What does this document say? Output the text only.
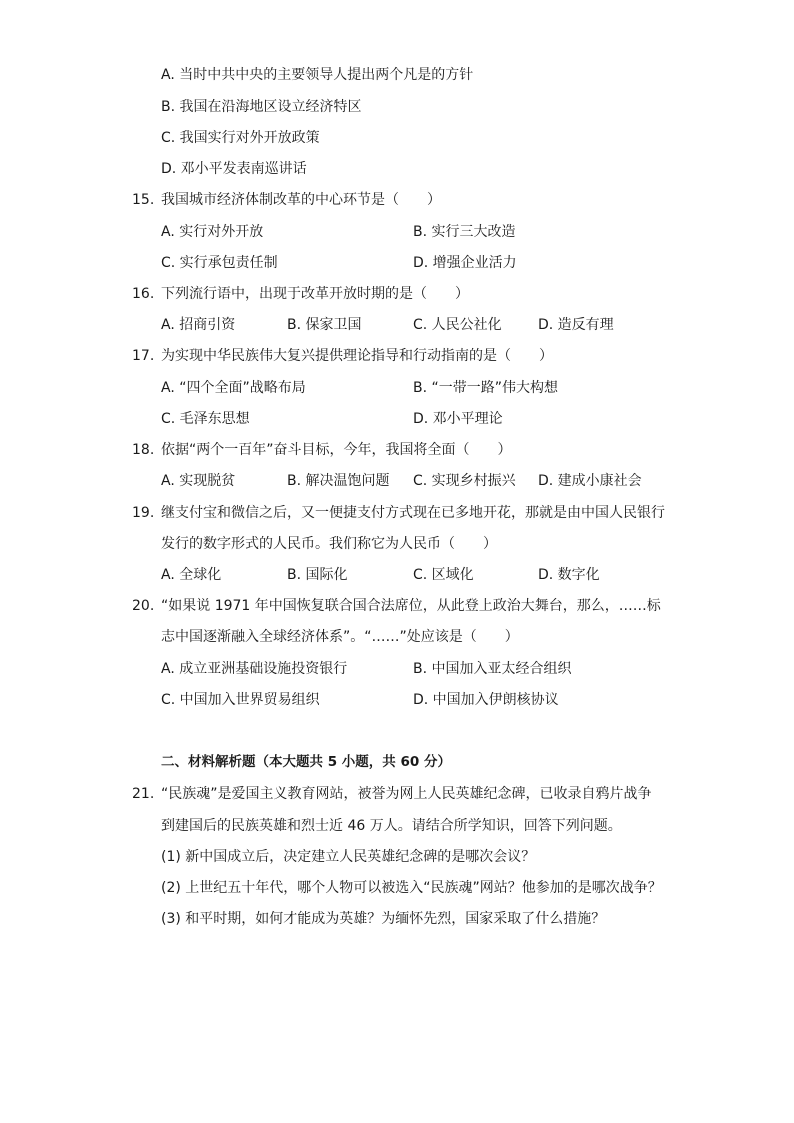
A. 当时中共中央的主要领导人提出两个凡是的方针
B. 我国在沿海地区设立经济特区
C. 我国实行对外开放政策
D. 邓小平发表南巡讲话
15. 我国城市经济体制改革的中心环节是（　　）
A. 实行对外开放	B. 实行三大改造
C. 实行承包责任制	D. 增强企业活力
16. 下列流行语中，出现于改革开放时期的是（　　）
A. 招商引资	B. 保家卫国	C. 人民公社化	D. 造反有理
17. 为实现中华民族伟大复兴提供理论指导和行动指南的是（　　）
A. “四个全面”战略布局	B. “一带一路”伟大构想
C. 毛泽东思想	D. 邓小平理论
18. 依据“两个一百年”奋斗目标，今年，我国将全面（　　）
A. 实现脱贫	B. 解决温饱问题 C. 实现乡村振兴 D. 建成小康社会
19. 继支付宝和微信之后，又一便捷支付方式现在已多地开花，那就是由中国人民银行
发行的数字形式的人民币。我们称它为人民币（　　）
A. 全球化	B. 国际化	C. 区域化	D. 数字化
20. “如果说 1971 年中国恢复联合国合法席位，从此登上政治大舞台，那么，……标
志中国逐渐融入全球经济体系”。“……”处应该是（　　）
A. 成立亚洲基础设施投资银行	B. 中国加入亚太经合组织
C. 中国加入世界贸易组织	D. 中国加入伊朗核协议
二、材料解析题（本大题共 5 小题，共 60 分）
21. “民族魂”是爱国主义教育网站，被誉为网上人民英雄纪念碑，已收录自鸦片战争
到建国后的民族英雄和烈士近 46 万人。请结合所学知识，回答下列问题。
(1) 新中国成立后，决定建立人民英雄纪念碑的是哪次会议？
(2) 上世纪五十年代，哪个人物可以被选入“民族魂”网站？他参加的是哪次战争？
(3) 和平时期，如何才能成为英雄？为缅怀先烈，国家采取了什么措施？
